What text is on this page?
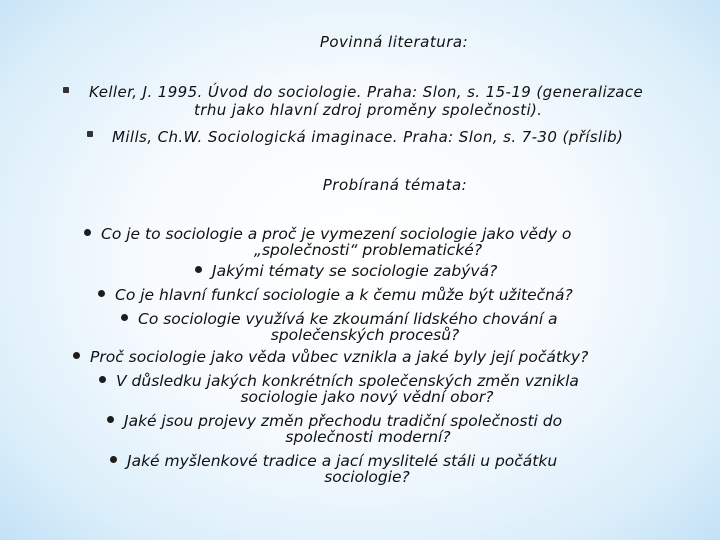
Povinná literatura:
Keller, J. 1995. Úvod do sociologie. Praha: Slon, s. 15-19 (generalizace
trhu jako hlavní zdroj proměny společnosti).
Mills, Ch.W. Sociologická imaginace. Praha: Slon, s. 7-30 (příslib)
Probíraná témata:
Co je to sociologie a proč je vymezení sociologie jako vědy o
„společnosti“ problematické?
Jakými tématy se sociologie zabývá?
Co je hlavní funkcí sociologie a k čemu může být užitečná?
Co sociologie využívá ke zkoumání lidského chování a
společenských procesů?
Proč sociologie jako věda vůbec vznikla a jaké byly její počátky?
V důsledku jakých konkrétních společenských změn vznikla
sociologie jako nový vědní obor?
Jaké jsou projevy změn přechodu tradiční společnosti do
společnosti moderní?
Jaké myšlenkové tradice a jací myslitelé stáli u počátku
sociologie?
